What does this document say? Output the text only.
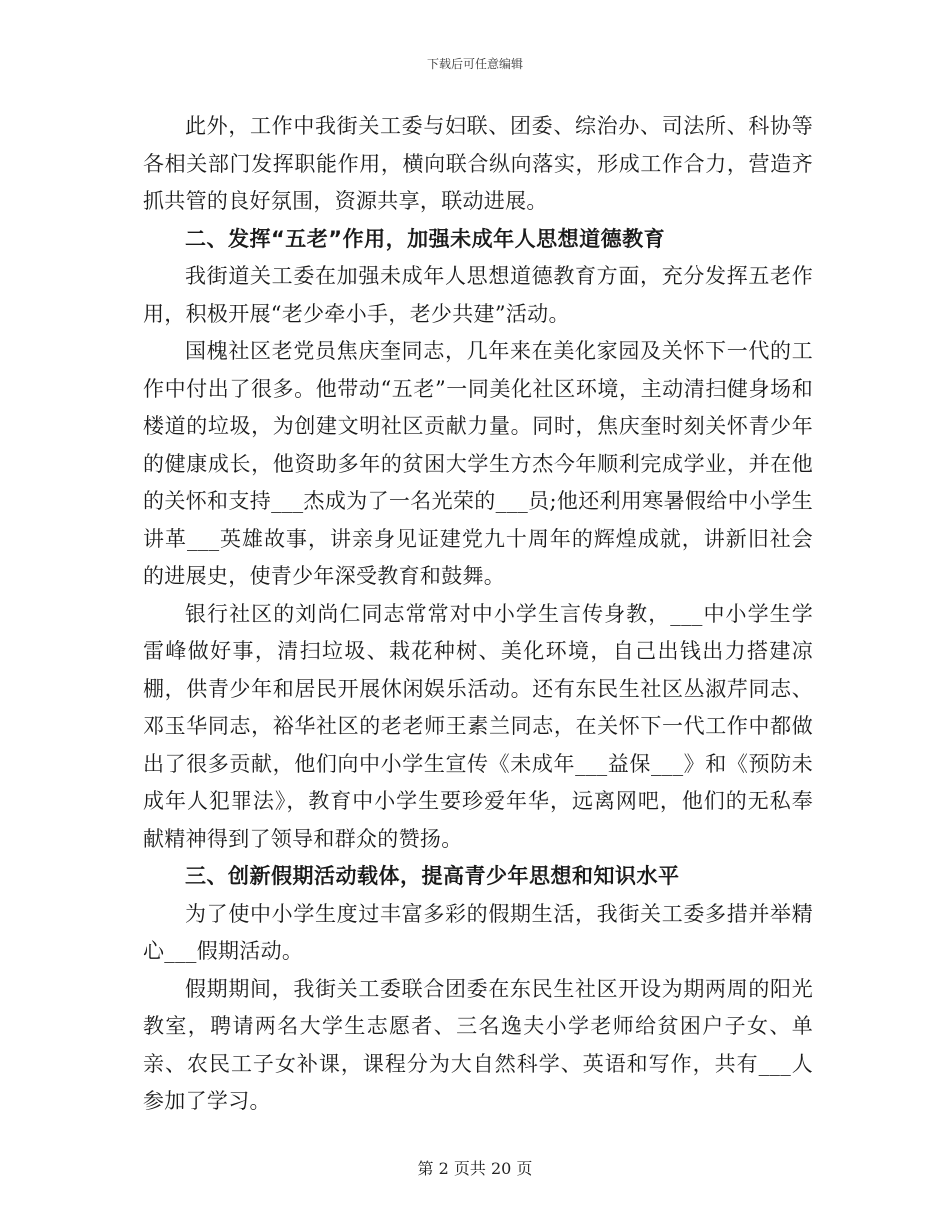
下载后可任意编辑

此外，工作中我街关工委与妇联、团委、综治办、司法所、科协等各相关部门发挥职能作用，横向联合纵向落实，形成工作合力，营造齐抓共管的良好氛围，资源共享，联动进展。

二、发挥“五老”作用，加强未成年人思想道德教育

我街道关工委在加强未成年人思想道德教育方面，充分发挥五老作用，积极开展“老少牵小手，老少共建”活动。

国槐社区老党员焦庆奎同志，几年来在美化家园及关怀下一代的工作中付出了很多。他带动“五老”一同美化社区环境，主动清扫健身场和楼道的垃圾，为创建文明社区贡献力量。同时，焦庆奎时刻关怀青少年的健康成长，他资助多年的贫困大学生方杰今年顺利完成学业，并在他的关怀和支持___杰成为了一名光荣的___员;他还利用寒暑假给中小学生讲革___英雄故事，讲亲身见证建党九十周年的辉煌成就，讲新旧社会的进展史，使青少年深受教育和鼓舞。

银行社区的刘尚仁同志常常对中小学生言传身教，___中小学生学雷峰做好事，清扫垃圾、栽花种树、美化环境，自己出钱出力搭建凉棚，供青少年和居民开展休闲娱乐活动。还有东民生社区丛淑芹同志、邓玉华同志，裕华社区的老老师王素兰同志，在关怀下一代工作中都做出了很多贡献，他们向中小学生宣传《未成年___益保___》和《预防未成年人犯罪法》，教育中小学生要珍爱年华，远离网吧，他们的无私奉献精神得到了领导和群众的赞扬。

三、创新假期活动载体，提高青少年思想和知识水平

为了使中小学生度过丰富多彩的假期生活，我街关工委多措并举精心___假期活动。

假期期间，我街关工委联合团委在东民生社区开设为期两周的阳光教室，聘请两名大学生志愿者、三名逸夫小学老师给贫困户子女、单亲、农民工子女补课，课程分为大自然科学、英语和写作，共有___人参加了学习。

第 2 页共 20 页
